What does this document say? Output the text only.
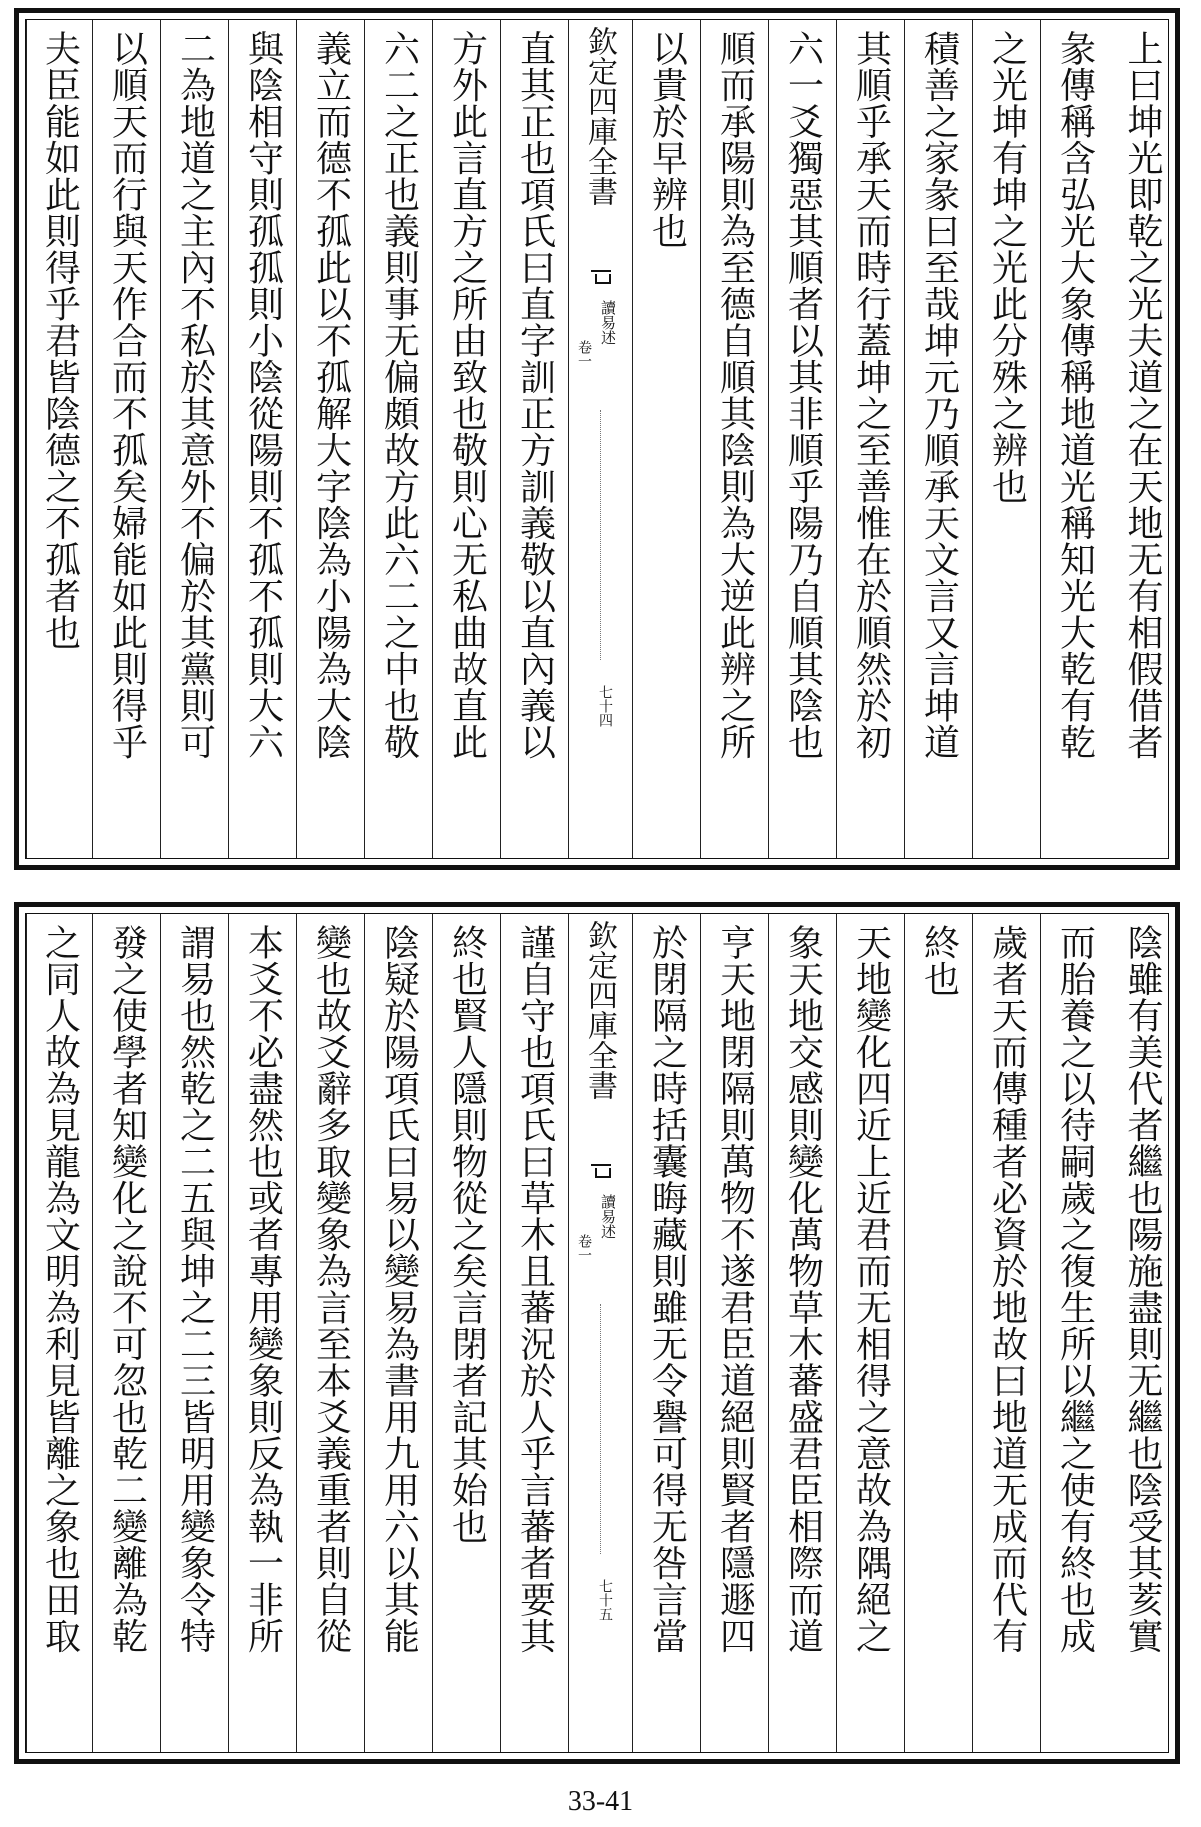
上曰坤光即乾之光夫道之在天地无有相假借者
彖傳稱含弘光大象傳稱地道光稱知光大乾有乾
之光坤有坤之光此分殊之辨也
積善之家彖曰至哉坤元乃順承天文言又言坤道
其順乎承天而時行蓋坤之至善惟在於順然於初
六一爻獨惡其順者以其非順乎陽乃自順其陰也
順而承陽則為至德自順其陰則為大逆此辨之所
以貴於早辨也
欽定四庫全書
讀易述
卷一
七十四
直其正也項氏曰直字訓正方訓義敬以直內義以
方外此言直方之所由致也敬則心无私曲故直此
六二之正也義則事无偏頗故方此六二之中也敬
義立而德不孤此以不孤解大字陰為小陽為大陰
與陰相守則孤孤則小陰從陽則不孤不孤則大六
二為地道之主內不私於其意外不偏於其黨則可
以順天而行與天作合而不孤矣婦能如此則得乎
夫臣能如此則得乎君皆陰德之不孤者也
陰雖有美代者繼也陽施盡則无繼也陰受其荄實
而胎養之以待嗣歲之復生所以繼之使有終也成
歲者天而傳種者必資於地故曰地道无成而代有
終也
天地變化四近上近君而无相得之意故為隅絕之
象天地交感則變化萬物草木蕃盛君臣相際而道
亨天地閉隔則萬物不遂君臣道絕則賢者隱遯四
於閉隔之時括囊晦藏則雖无令譽可得无咎言當
欽定四庫全書
讀易述
卷一
七十五
謹自守也項氏曰草木且蕃況於人乎言蕃者要其
終也賢人隱則物從之矣言閉者記其始也
陰疑於陽項氏曰易以變易為書用九用六以其能
變也故爻辭多取變象為言至本爻義重者則自從
本爻不必盡然也或者專用變象則反為執一非所
謂易也然乾之二五與坤之二三皆明用變象令特
發之使學者知變化之說不可忽也乾二變離為乾
之同人故為見龍為文明為利見皆離之象也田取
33-41
